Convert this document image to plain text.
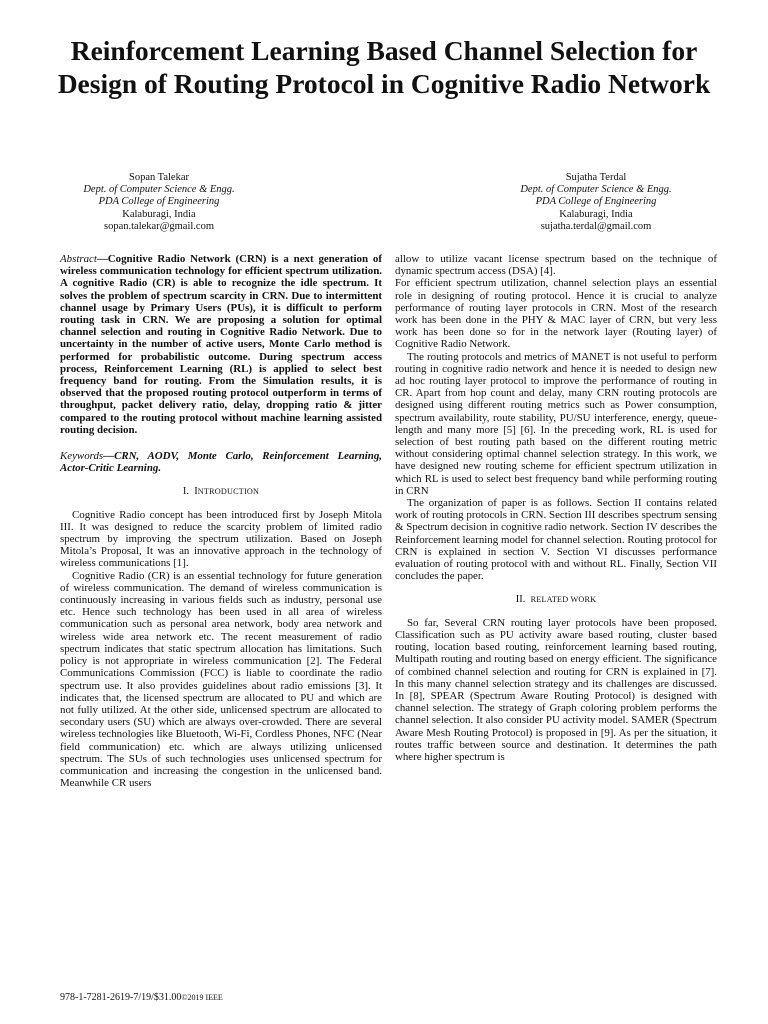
Reinforcement Learning Based Channel Selection for Design of Routing Protocol in Cognitive Radio Network
Sopan Talekar
Dept. of Computer Science & Engg.
PDA College of Engineering
Kalaburagi, India
sopan.talekar@gmail.com
Sujatha Terdal
Dept. of Computer Science & Engg.
PDA College of Engineering
Kalaburagi, India
sujatha.terdal@gmail.com

Abstract—Cognitive Radio Network (CRN) is a next generation of wireless communication technology for efficient spectrum utilization. A cognitive Radio (CR) is able to recognize the idle spectrum. It solves the problem of spectrum scarcity in CRN. Due to intermittent channel usage by Primary Users (PUs), it is difficult to perform routing task in CRN. We are proposing a solution for optimal channel selection and routing in Cognitive Radio Network. Due to uncertainty in the number of active users, Monte Carlo method is performed for probabilistic outcome. During spectrum access process, Reinforcement Learning (RL) is applied to select best frequency band for routing. From the Simulation results, it is observed that the proposed routing protocol outperform in terms of throughput, packet delivery ratio, delay, dropping ratio & jitter compared to the routing protocol without machine learning assisted routing decision.

Keywords—CRN, AODV, Monte Carlo, Reinforcement Learning, Actor-Critic Learning.

I. INTRODUCTION

Cognitive Radio concept has been introduced first by Joseph Mitola III. It was designed to reduce the scarcity problem of limited radio spectrum by improving the spectrum utilization. Based on Joseph Mitola’s Proposal, It was an innovative approach in the technology of wireless communications [1].

Cognitive Radio (CR) is an essential technology for future generation of wireless communication. The demand of wireless communication is continuously increasing in various fields such as industry, personal use etc. Hence such technology has been used in all area of wireless communication such as personal area network, body area network and wireless wide area network etc. The recent measurement of radio spectrum indicates that static spectrum allocation has limitations. Such policy is not appropriate in wireless communication [2]. The Federal Communications Commission (FCC) is liable to coordinate the radio spectrum use. It also provides guidelines about radio emissions [3]. It indicates that, the licensed spectrum are allocated to PU and which are not fully utilized. At the other side, unlicensed spectrum are allocated to secondary users (SU) which are always over-crowded. There are several wireless technologies like Bluetooth, Wi-Fi, Cordless Phones, NFC (Near field communication) etc. which are always utilizing unlicensed spectrum. The SUs of such technologies uses unlicensed spectrum for communication and increasing the congestion in the unlicensed band. Meanwhile CR users

allow to utilize vacant license spectrum based on the technique of dynamic spectrum access (DSA) [4].

For efficient spectrum utilization, channel selection plays an essential role in designing of routing protocol. Hence it is crucial to analyze performance of routing layer protocols in CRN. Most of the research work has been done in the PHY & MAC layer of CRN, but very less work has been done so for in the network layer (Routing layer) of Cognitive Radio Network.

The routing protocols and metrics of MANET is not useful to perform routing in cognitive radio network and hence it is needed to design new ad hoc routing layer protocol to improve the performance of routing in CR. Apart from hop count and delay, many CRN routing protocols are designed using different routing metrics such as Power consumption, spectrum availability, route stability, PU/SU interference, energy, queue-length and many more [5] [6]. In the preceding work, RL is used for selection of best routing path based on the different routing metric without considering optimal channel selection strategy. In this work, we have designed new routing scheme for efficient spectrum utilization in which RL is used to select best frequency band while performing routing in CRN

The organization of paper is as follows. Section II contains related work of routing protocols in CRN. Section III describes spectrum sensing & Spectrum decision in cognitive radio network. Section IV describes the Reinforcement learning model for channel selection. Routing protocol for CRN is explained in section V. Section VI discusses performance evaluation of routing protocol with and without RL. Finally, Section VII concludes the paper.

II. RELATED WORK

So far, Several CRN routing layer protocols have been proposed. Classification such as PU activity aware based routing, cluster based routing, location based routing, reinforcement learning based routing, Multipath routing and routing based on energy efficient. The significance of combined channel selection and routing for CRN is explained in [7]. In this many channel selection strategy and its challenges are discussed. In [8], SPEAR (Spectrum Aware Routing Protocol) is designed with channel selection. The strategy of Graph coloring problem performs the channel selection. It also consider PU activity model. SAMER (Spectrum Aware Mesh Routing Protocol) is proposed in [9]. As per the situation, it routes traffic between source and destination. It determines the path where higher spectrum is

978-1-7281-2619-7/19/$31.00©2019 IEEE
